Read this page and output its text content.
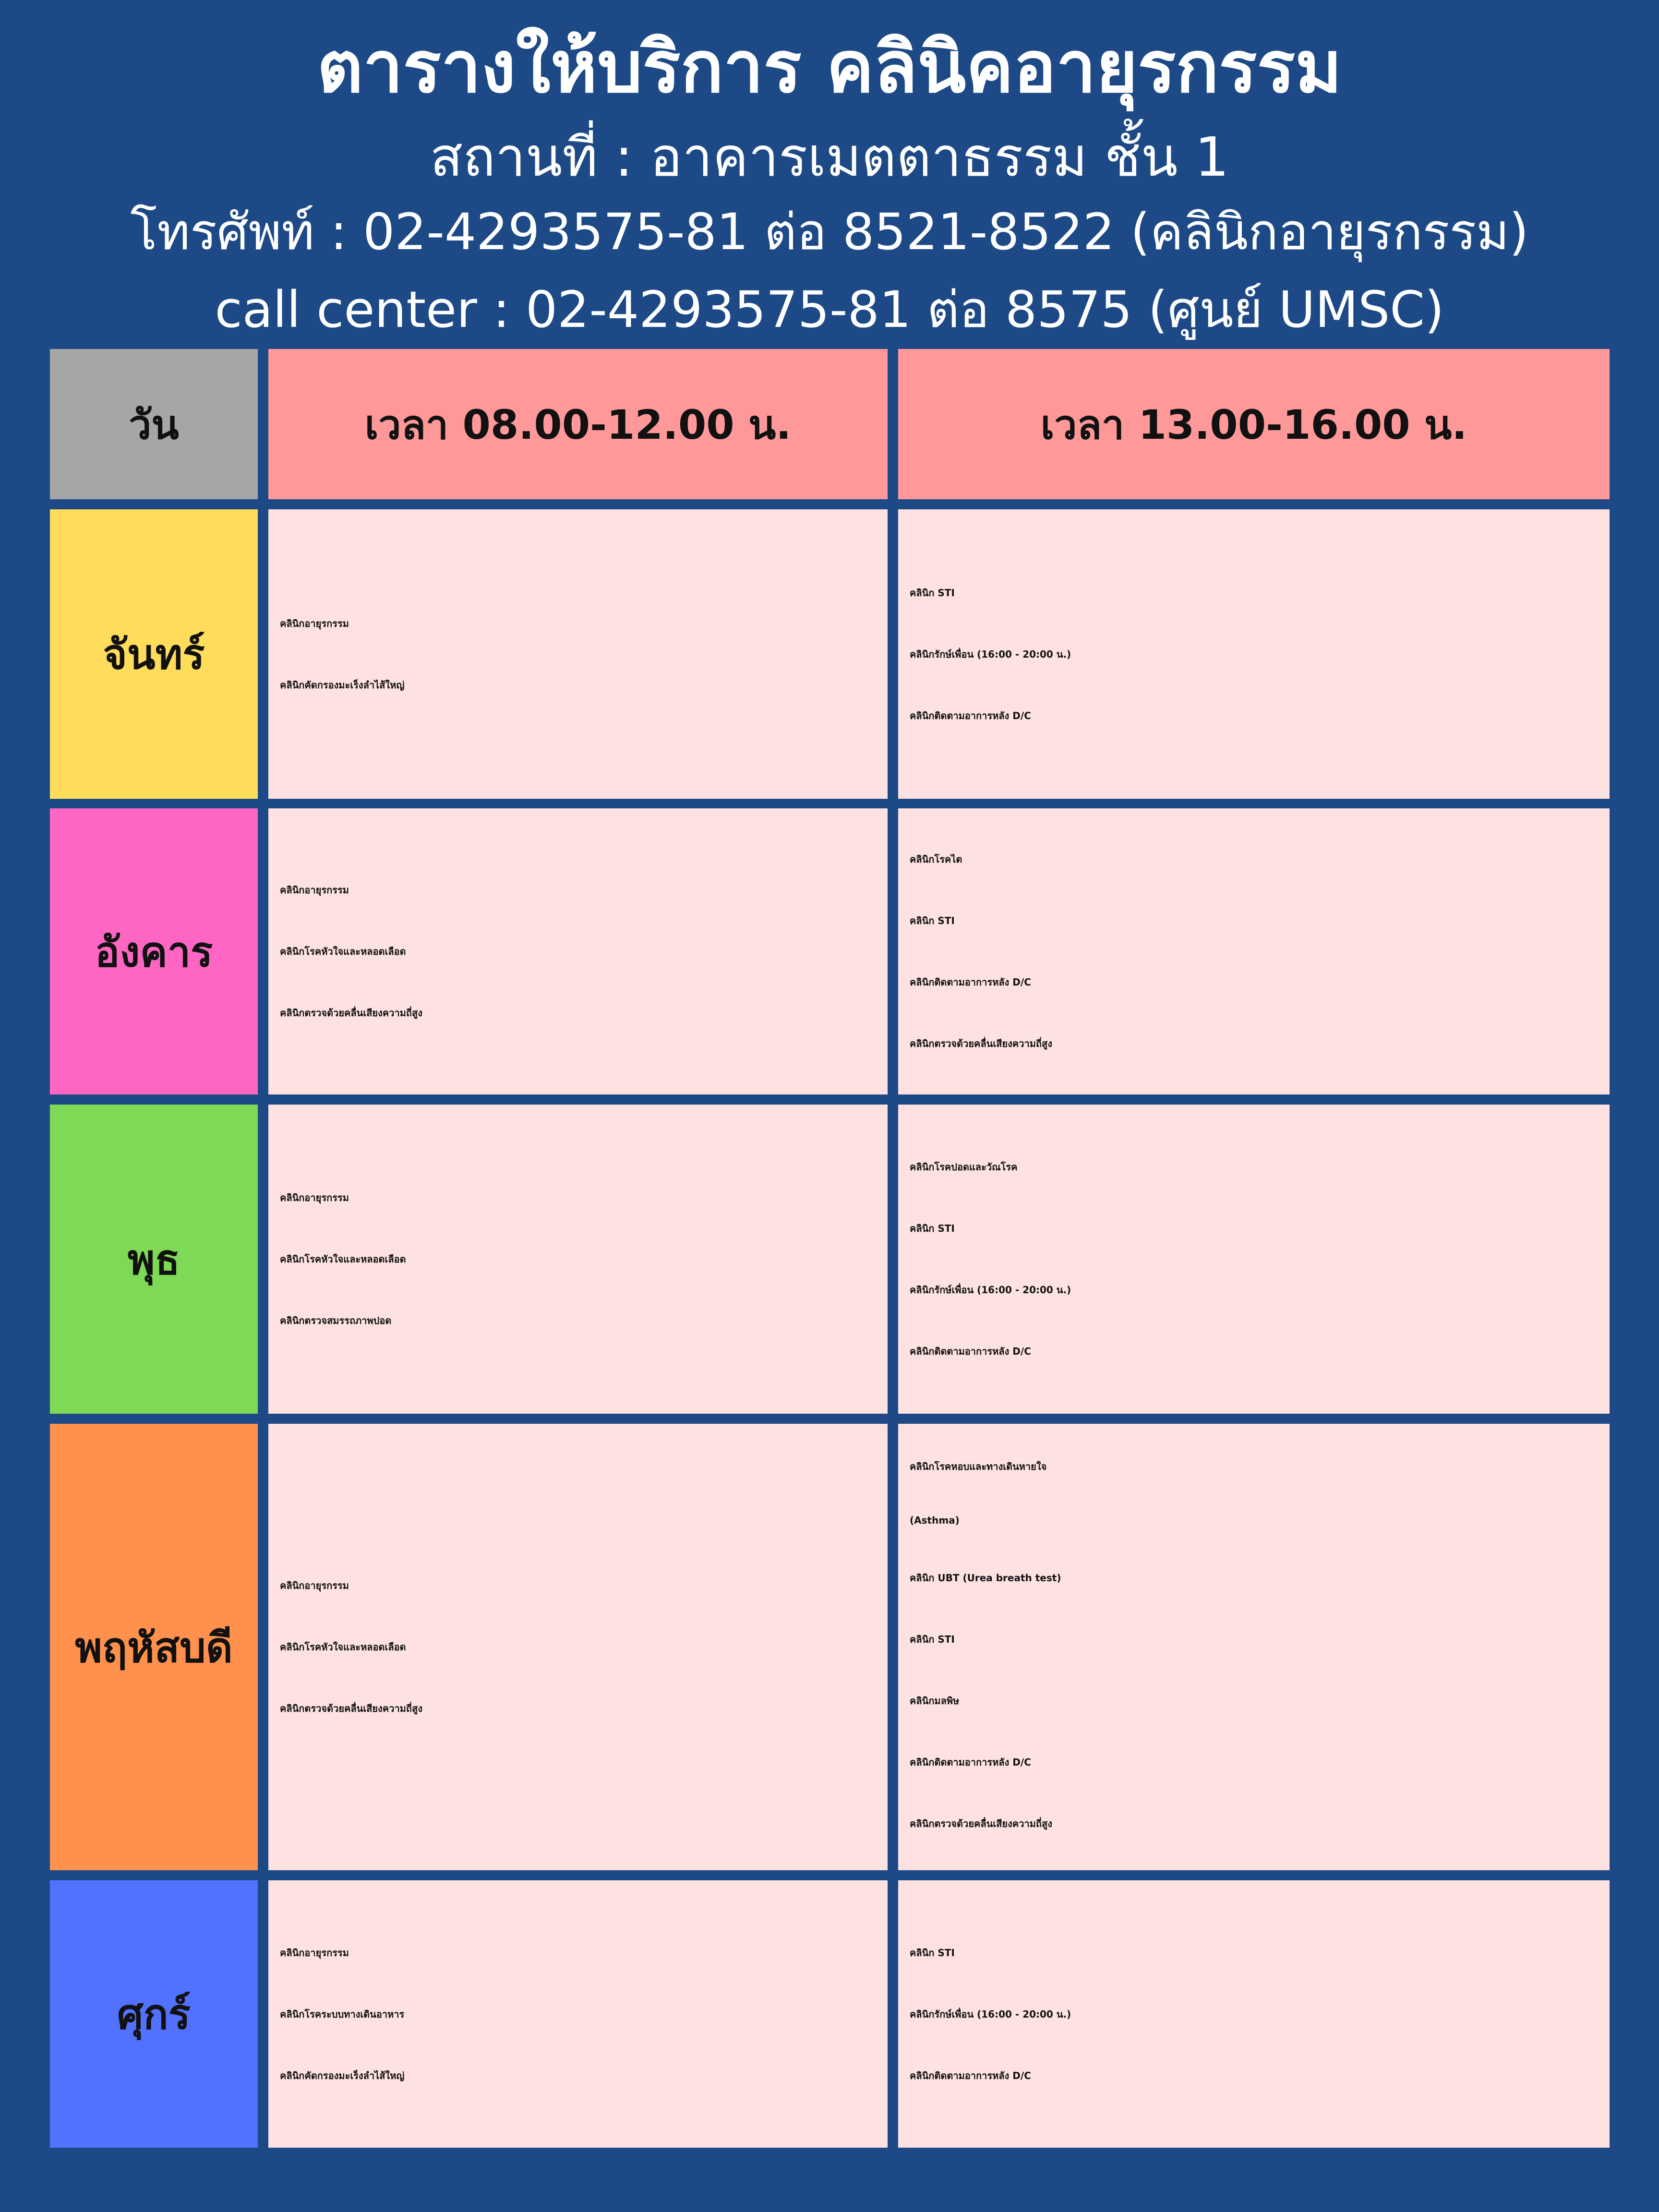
ตารางให้บริการ คลินิคอายุรกรรม
สถานที่ : อาคารเมตตาธรรม ชั้น 1
โทรศัพท์ : 02-4293575-81 ต่อ 8521-8522 (คลินิกอายุรกรรม)
call center : 02-4293575-81 ต่อ 8575 (ศูนย์ UMSC)
วัน	เวลา 08.00-12.00 น.	เวลา 13.00-16.00 น.
จันทร์
คลินิกอายุรกรรม
คลินิกคัดกรองมะเร็งลำไส้ใหญ่
คลินิก STI
คลินิกรักษ์เพื่อน (16:00 - 20:00 น.)
คลินิกติดตามอาการหลัง D/C
อังคาร
คลินิกอายุรกรรม
คลินิกโรคหัวใจและหลอดเลือด
คลินิกตรวจด้วยคลื่นเสียงความถี่สูง
คลินิกโรคไต
คลินิก STI
คลินิกติดตามอาการหลัง D/C
คลินิกตรวจด้วยคลื่นเสียงความถี่สูง
พุธ
คลินิกอายุรกรรม
คลินิกโรคหัวใจและหลอดเลือด
คลินิกตรวจสมรรถภาพปอด
คลินิกโรคปอดและวัณโรค
คลินิก STI
คลินิกรักษ์เพื่อน (16:00 - 20:00 น.)
คลินิกติดตามอาการหลัง D/C
พฤหัสบดี
คลินิกอายุรกรรม
คลินิกโรคหัวใจและหลอดเลือด
คลินิกตรวจด้วยคลื่นเสียงความถี่สูง
คลินิกโรคหอบและทางเดินหายใจ
(Asthma)
คลินิก UBT (Urea breath test)
คลินิก STI
คลินิกมลพิษ
คลินิกติดตามอาการหลัง D/C
คลินิกตรวจด้วยคลื่นเสียงความถี่สูง
ศุกร์
คลินิกอายุรกรรม
คลินิกโรคระบบทางเดินอาหาร
คลินิกคัดกรองมะเร็งลำไส้ใหญ่
คลินิก STI
คลินิกรักษ์เพื่อน (16:00 - 20:00 น.)
คลินิกติดตามอาการหลัง D/C
